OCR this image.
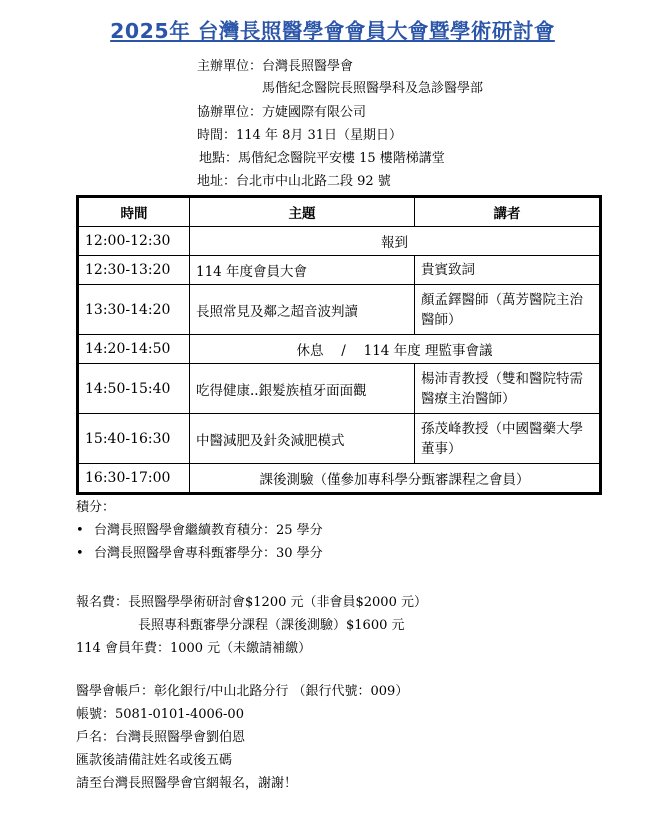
2025年 台灣長照醫學會會員大會暨學術研討會
主辦單位：台灣長照醫學會
馬偕紀念醫院長照醫學科及急診醫學部
協辦單位：方婕國際有限公司
時間：114 年 8月 31日（星期日）
地點：馬偕紀念醫院平安樓 15 樓階梯講堂
地址：台北市中山北路二段 92 號
時間	主題	講者
12:00-12:30	報到	
12:30-13:20	114 年度會員大會	貴賓致詞
13:30-14:20	長照常見及鄰之超音波判讀	顏孟鐸醫師（萬芳醫院主治醫師）
14:20-14:50	休息　 /　 114 年度 理監事會議	
14:50-15:40	吃得健康..銀髮族植牙面面觀	楊沛青教授（雙和醫院特需醫療主治醫師）
15:40-16:30	中醫減肥及針灸減肥模式	孫茂峰教授（中國醫藥大學董事）
16:30-17:00	課後測驗（僅參加專科學分甄審課程之會員）	
積分：
• 台灣長照醫學會繼續教育積分：25 學分
• 台灣長照醫學會專科甄審學分：30 學分
報名費：長照醫學學術研討會$1200 元（非會員$2000 元）
長照專科甄審學分課程（課後測驗）$1600 元
114 會員年費：1000 元（未繳請補繳）
醫學會帳戶：彰化銀行/中山北路分行 （銀行代號：009）
帳號：5081-0101-4006-00
戶名：台灣長照醫學會劉伯恩
匯款後請備註姓名或後五碼
請至台灣長照醫學會官網報名，謝謝！
